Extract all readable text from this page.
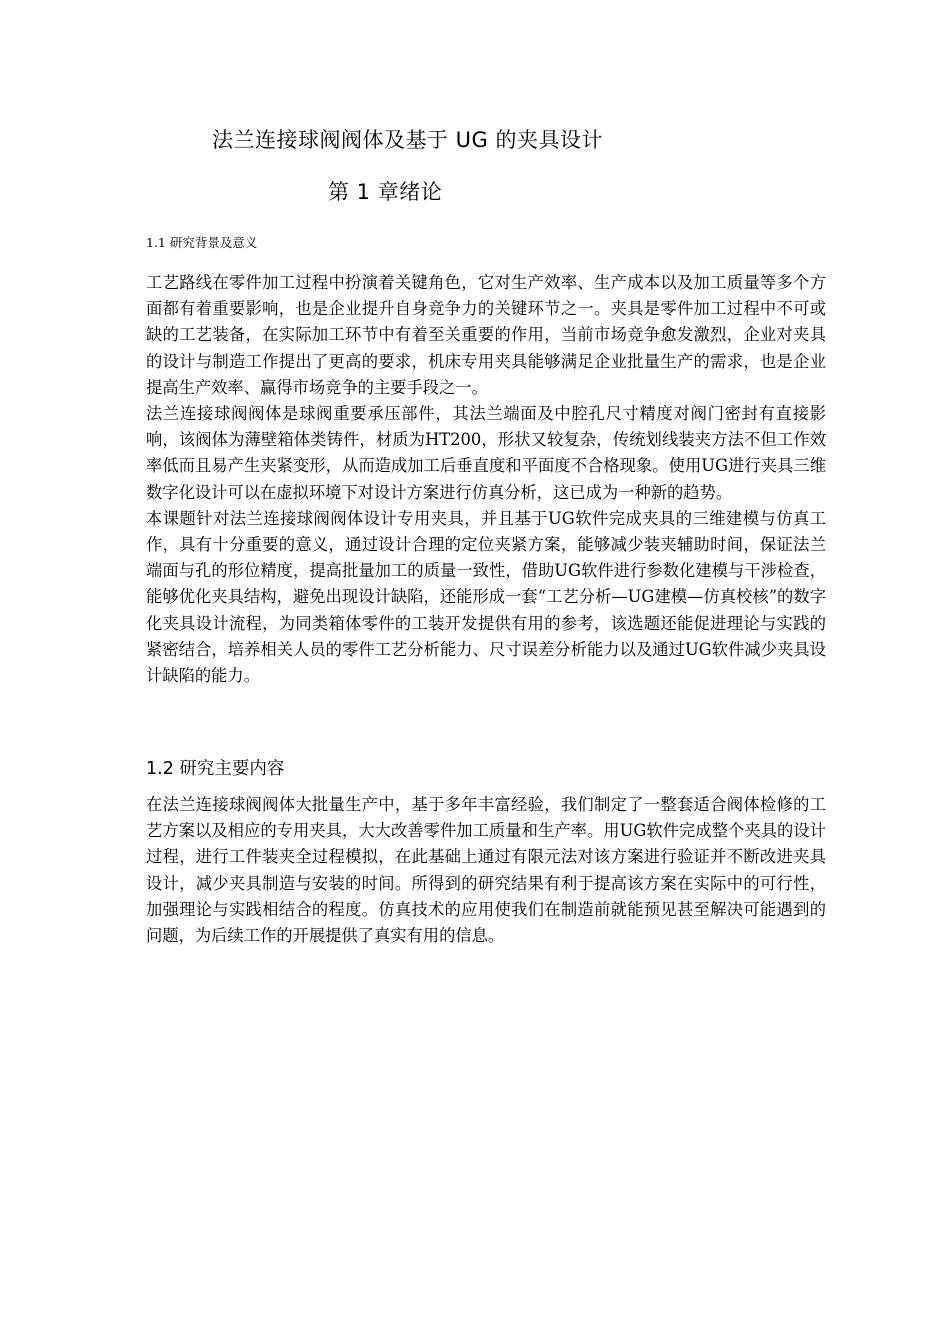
法兰连接球阀阀体及基于 UG 的夹具设计
第 1 章绪论
1.1 研究背景及意义

工艺路线在零件加工过程中扮演着关键角色，它对生产效率、生产成本以及加工质量等多个方面都有着重要影响，也是企业提升自身竞争力的关键环节之一。夹具是零件加工过程中不可或缺的工艺装备，在实际加工环节中有着至关重要的作用，当前市场竞争愈发激烈，企业对夹具的设计与制造工作提出了更高的要求，机床专用夹具能够满足企业批量生产的需求，也是企业提高生产效率、赢得市场竞争的主要手段之一。

法兰连接球阀阀体是球阀重要承压部件，其法兰端面及中腔孔尺寸精度对阀门密封有直接影响，该阀体为薄壁箱体类铸件，材质为HT200，形状又较复杂，传统划线装夹方法不但工作效率低而且易产生夹紧变形，从而造成加工后垂直度和平面度不合格现象。使用UG进行夹具三维数字化设计可以在虚拟环境下对设计方案进行仿真分析，这已成为一种新的趋势。

本课题针对法兰连接球阀阀体设计专用夹具，并且基于UG软件完成夹具的三维建模与仿真工作，具有十分重要的意义，通过设计合理的定位夹紧方案，能够减少装夹辅助时间，保证法兰端面与孔的形位精度，提高批量加工的质量一致性，借助UG软件进行参数化建模与干涉检查，能够优化夹具结构，避免出现设计缺陷，还能形成一套“工艺分析—UG建模—仿真校核”的数字化夹具设计流程，为同类箱体零件的工装开发提供有用的参考，该选题还能促进理论与实践的紧密结合，培养相关人员的零件工艺分析能力、尺寸误差分析能力以及通过UG软件减少夹具设计缺陷的能力。

1.2 研究主要内容

在法兰连接球阀阀体大批量生产中，基于多年丰富经验，我们制定了一整套适合阀体检修的工艺方案以及相应的专用夹具，大大改善零件加工质量和生产率。用UG软件完成整个夹具的设计过程，进行工件装夹全过程模拟，在此基础上通过有限元法对该方案进行验证并不断改进夹具设计，减少夹具制造与安装的时间。所得到的研究结果有利于提高该方案在实际中的可行性，加强理论与实践相结合的程度。仿真技术的应用使我们在制造前就能预见甚至解决可能遇到的问题，为后续工作的开展提供了真实有用的信息。
